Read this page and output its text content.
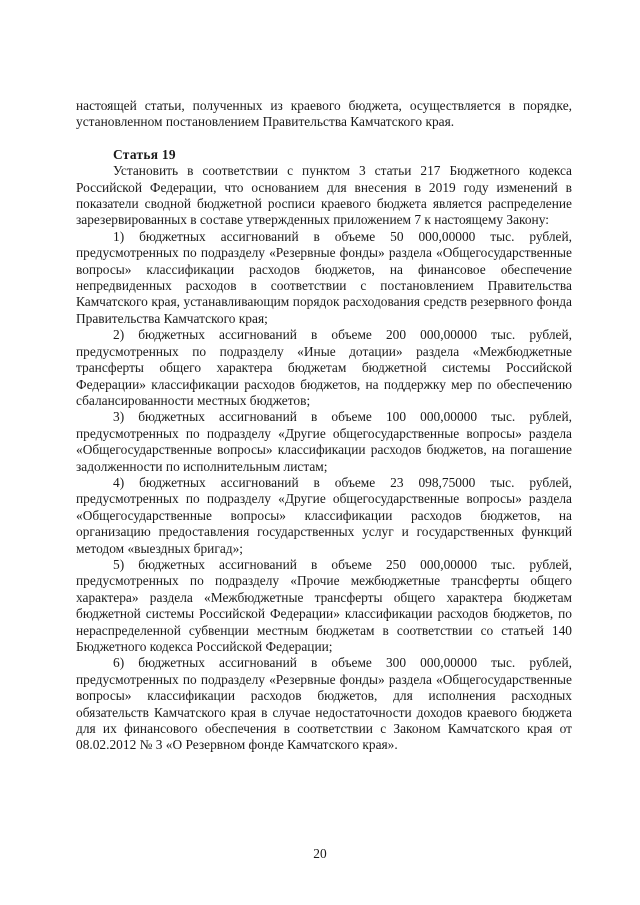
настоящей статьи, полученных из краевого бюджета, осуществляется в порядке, установленном постановлением Правительства Камчатского края.

Статья 19

Установить в соответствии с пунктом 3 статьи 217 Бюджетного кодекса Российской Федерации, что основанием для внесения в 2019 году изменений в показатели сводной бюджетной росписи краевого бюджета является распределение зарезервированных в составе утвержденных приложением 7 к настоящему Закону:

1) бюджетных ассигнований в объеме 50 000,00000 тыс. рублей, предусмотренных по подразделу «Резервные фонды» раздела «Общегосударственные вопросы» классификации расходов бюджетов, на финансовое обеспечение непредвиденных расходов в соответствии с постановлением Правительства Камчатского края, устанавливающим порядок расходования средств резервного фонда Правительства Камчатского края;

2) бюджетных ассигнований в объеме 200 000,00000 тыс. рублей, предусмотренных по подразделу «Иные дотации» раздела «Межбюджетные трансферты общего характера бюджетам бюджетной системы Российской Федерации» классификации расходов бюджетов, на поддержку мер по обеспечению сбалансированности местных бюджетов;

3) бюджетных ассигнований в объеме 100 000,00000 тыс. рублей, предусмотренных по подразделу «Другие общегосударственные вопросы» раздела «Общегосударственные вопросы» классификации расходов бюджетов, на погашение задолженности по исполнительным листам;

4) бюджетных ассигнований в объеме 23 098,75000 тыс. рублей, предусмотренных по подразделу «Другие общегосударственные вопросы» раздела «Общегосударственные вопросы» классификации расходов бюджетов, на организацию предоставления государственных услуг и государственных функций методом «выездных бригад»;

5) бюджетных ассигнований в объеме 250 000,00000 тыс. рублей, предусмотренных по подразделу «Прочие межбюджетные трансферты общего характера» раздела «Межбюджетные трансферты общего характера бюджетам бюджетной системы Российской Федерации» классификации расходов бюджетов, по нераспределенной субвенции местным бюджетам в соответствии со статьей 140 Бюджетного кодекса Российской Федерации;

6) бюджетных ассигнований в объеме 300 000,00000 тыс. рублей, предусмотренных по подразделу «Резервные фонды» раздела «Общегосударственные вопросы» классификации расходов бюджетов, для исполнения расходных обязательств Камчатского края в случае недостаточности доходов краевого бюджета для их финансового обеспечения в соответствии с Законом Камчатского края от 08.02.2012 № 3 «О Резервном фонде Камчатского края».

20
